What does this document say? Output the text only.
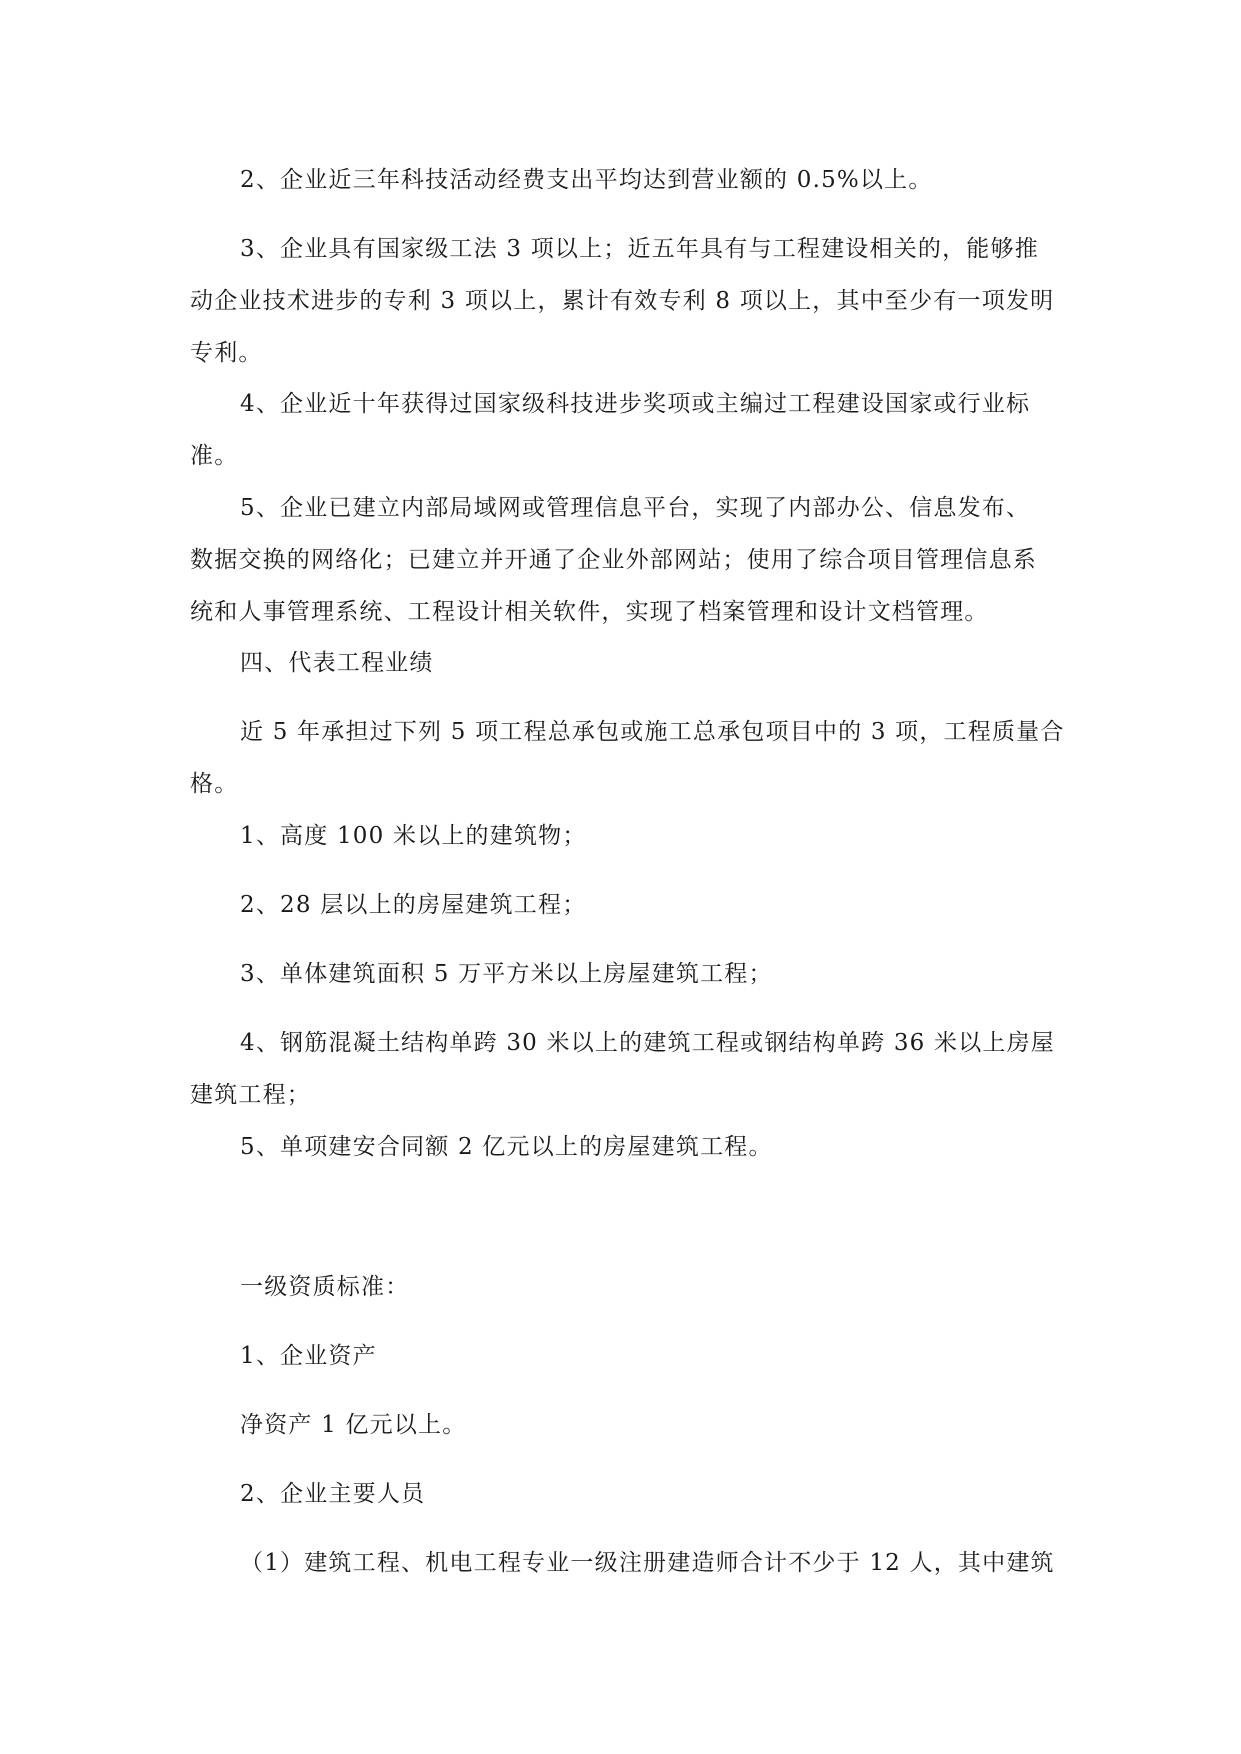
2、企业近三年科技活动经费支出平均达到营业额的 0.5%以上。

3、企业具有国家级工法 3 项以上；近五年具有与工程建设相关的，能够推
动企业技术进步的专利 3 项以上，累计有效专利 8 项以上，其中至少有一项发明
专利。

4、企业近十年获得过国家级科技进步奖项或主编过工程建设国家或行业标
准。

5、企业已建立内部局域网或管理信息平台，实现了内部办公、信息发布、
数据交换的网络化；已建立并开通了企业外部网站；使用了综合项目管理信息系
统和人事管理系统、工程设计相关软件，实现了档案管理和设计文档管理。

四、代表工程业绩

近 5 年承担过下列 5 项工程总承包或施工总承包项目中的 3 项，工程质量合
格。

1、高度 100 米以上的建筑物；

2、28 层以上的房屋建筑工程；

3、单体建筑面积 5 万平方米以上房屋建筑工程；

4、钢筋混凝土结构单跨 30 米以上的建筑工程或钢结构单跨 36 米以上房屋
建筑工程；

5、单项建安合同额 2 亿元以上的房屋建筑工程。

一级资质标准：

1、企业资产

净资产 1 亿元以上。

2、企业主要人员

（1）建筑工程、机电工程专业一级注册建造师合计不少于 12 人，其中建筑
